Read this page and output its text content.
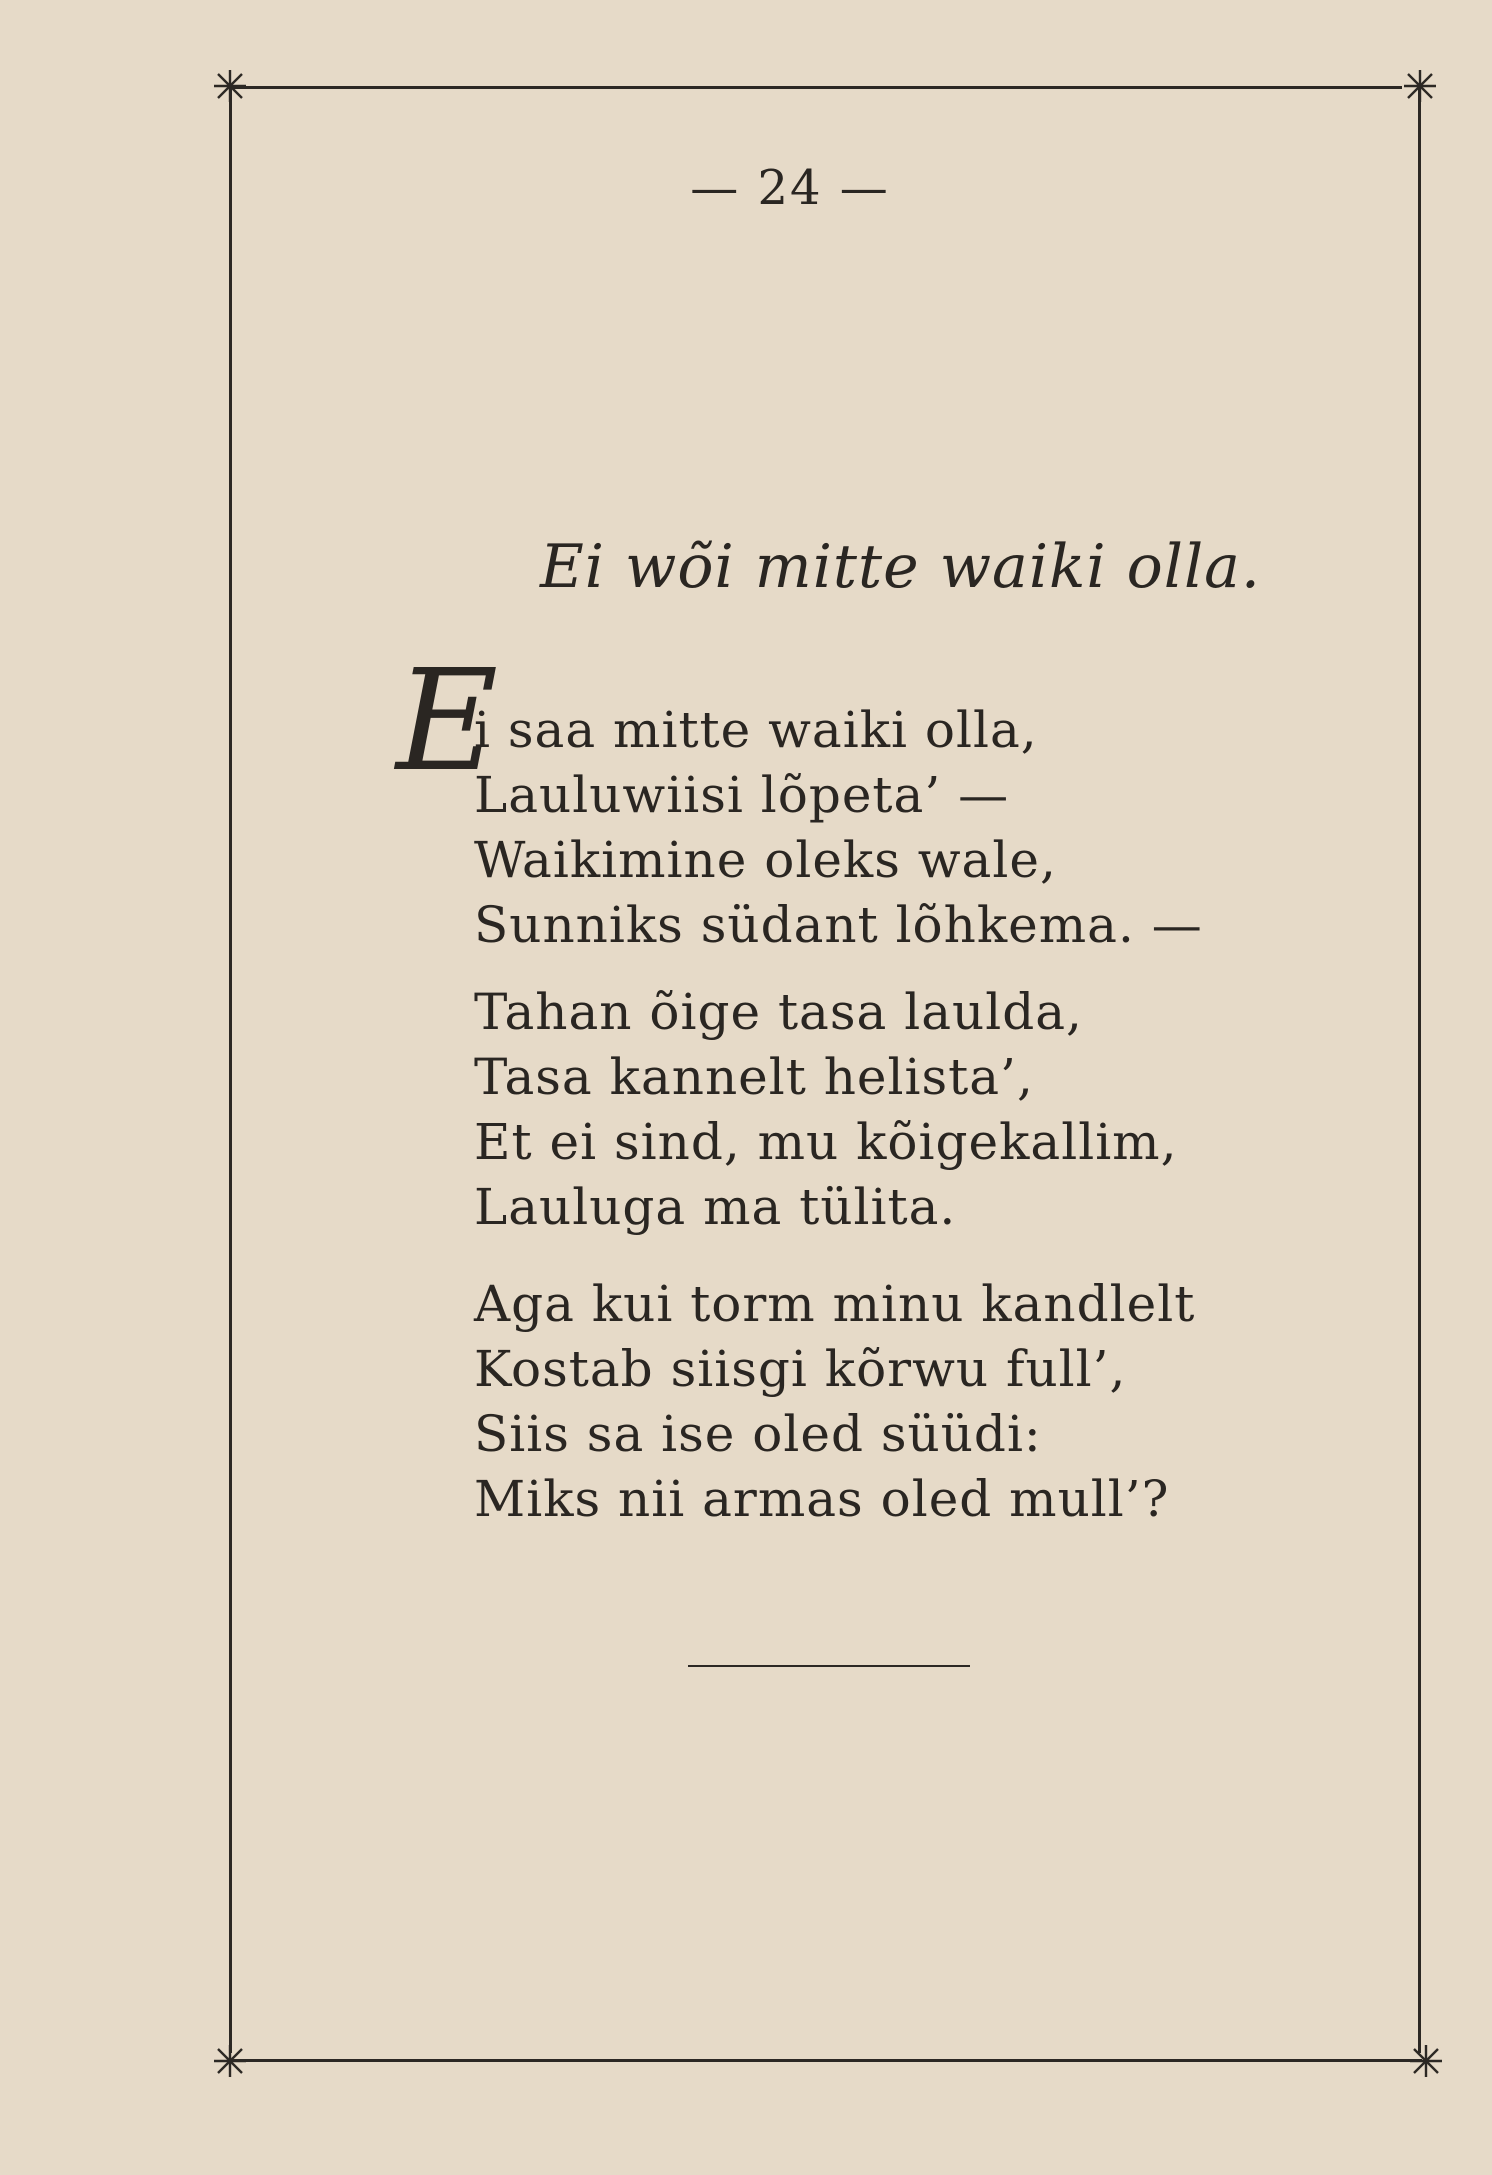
— 24 —
Ei wõi mitte waiki olla.
E
i saa mitte waiki olla,
Lauluwiisi lõpeta’ —
Waikimine oleks wale,
Sunniks südant lõhkema. —
Tahan õige tasa laulda,
Tasa kannelt helista’,
Et ei sind, mu kõigekallim,
Lauluga ma tülita.
Aga kui torm minu kandlelt
Kostab siisgi kõrwu full’,
Siis sa ise oled süüdi:
Miks nii armas oled mull’?
